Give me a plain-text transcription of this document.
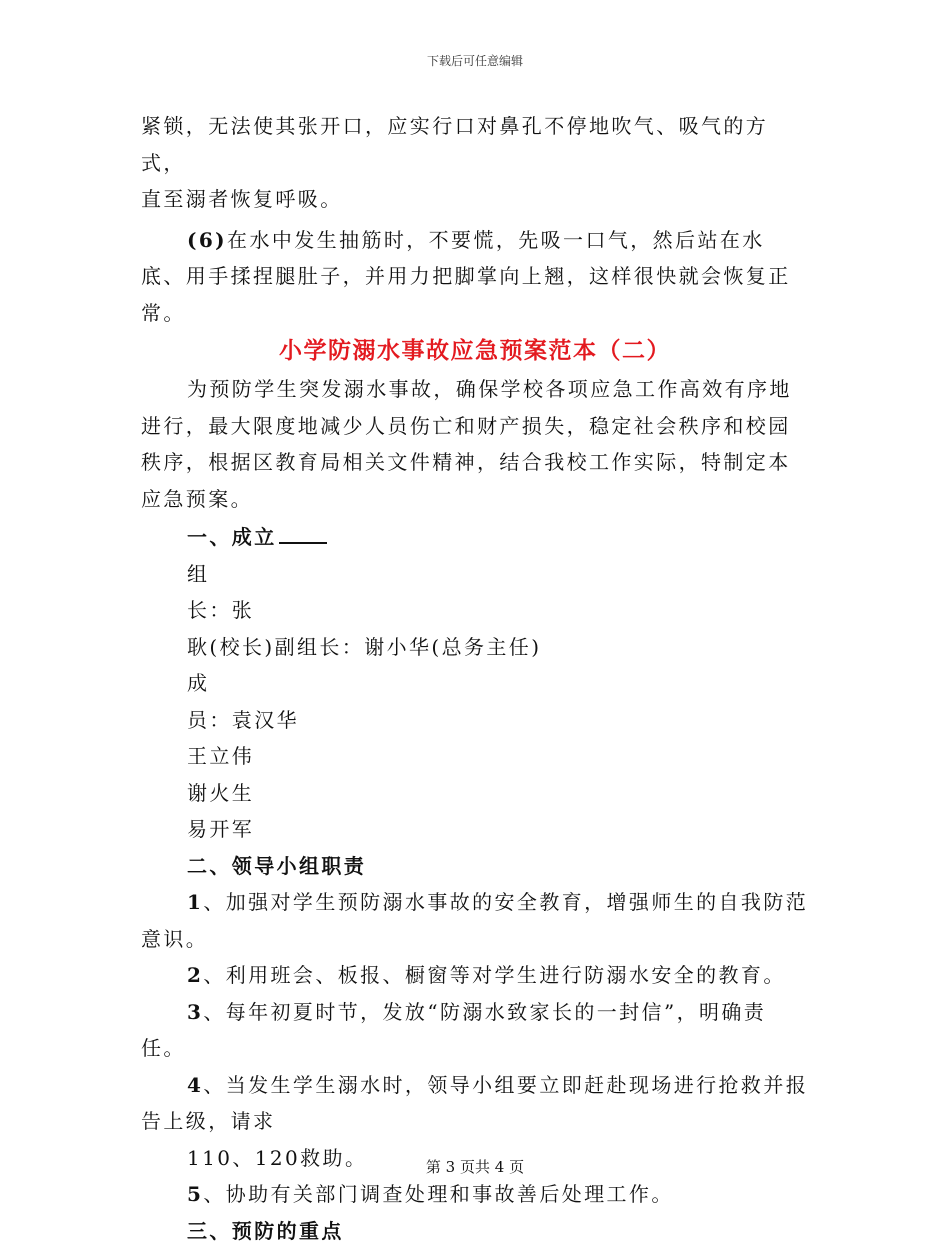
下载后可任意编辑

紧锁，无法使其张开口，应实行口对鼻孔不停地吹气、吸气的方式，

直至溺者恢复呼吸。

(6)在水中发生抽筋时，不要慌，先吸一口气，然后站在水底、用手揉捏腿肚子，并用力把脚掌向上翘，这样很快就会恢复正常。

小学防溺水事故应急预案范本（二）

为预防学生突发溺水事故，确保学校各项应急工作高效有序地进行，最大限度地减少人员伤亡和财产损失，稳定社会秩序和校园秩序，根据区教育局相关文件精神，结合我校工作实际，特制定本应急预案。

一、成立

组

长：张

耿(校长)副组长：谢小华(总务主任)

成

员：袁汉华

王立伟

谢火生

易开军

二、领导小组职责

1、加强对学生预防溺水事故的安全教育，增强师生的自我防范意识。

2、利用班会、板报、橱窗等对学生进行防溺水安全的教育。

3、每年初夏时节，发放“防溺水致家长的一封信”，明确责任。

4、当发生学生溺水时，领导小组要立即赶赴现场进行抢救并报告上级，请求

110、120救助。

5、协助有关部门调查处理和事故善后处理工作。

三、预防的重点

第 3 页共 4 页
